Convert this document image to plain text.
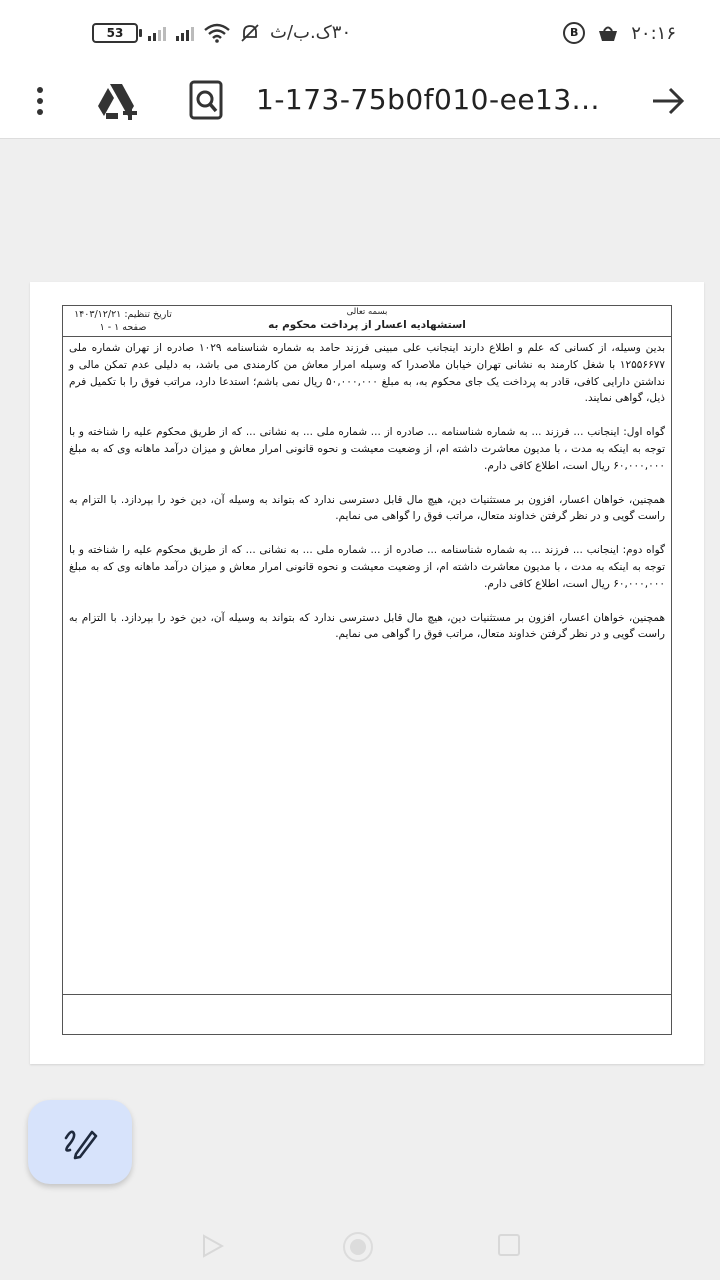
53	۳۰ک.ب/ث	B	۲۰:۱۶
1-173-75b0f010-ee13...
تاریخ تنظیم: ۱۴۰۳/۱۲/۲۱
صفحه ۱ - ۱
بسمه تعالی
استشهادیه اعسار از پرداخت محکوم به

بدین وسیله، از کسانی که علم و اطلاع دارند اینجانب علی مبینی فرزند حامد به شماره شناسنامه ۱۰۲۹ صادره از تهران شماره ملی ۱۲۵۵۶۶۷۷ با شغل کارمند به نشانی تهران خیابان ملاصدرا که وسیله امرار معاش من کارمندی می باشد، به دلیلی عدم تمکن مالی و نداشتن دارایی کافی، قادر به پرداخت یک جای محکوم به، به مبلغ ۵۰,۰۰۰,۰۰۰ ریال نمی باشم؛ استدعا دارد، مراتب فوق را با تکمیل فرم ذیل، گواهی نمایند.

گواه اول: اینجانب ... فرزند ... به شماره شناسنامه ... صادره از ... شماره ملی ... به نشانی ... که از طریق محکوم علیه را شناخته و با توجه به اینکه به مدت ، با مدیون معاشرت داشته ام، از وضعیت معیشت و نحوه قانونی امرار معاش و میزان درآمد ماهانه وی که به مبلغ ۶۰,۰۰۰,۰۰۰ ریال است، اطلاع کافی دارم.

همچنین، خواهان اعسار، افزون بر مستثنیات دین، هیچ مال قابل دسترسی ندارد که بتواند به وسیله آن، دین خود را بپردازد. با التزام به راست گویی و در نظر گرفتن خداوند متعال، مراتب فوق را گواهی می نمایم.

گواه دوم: اینجانب ... فرزند ... به شماره شناسنامه ... صادره از ... شماره ملی ... به نشانی ... که از طریق محکوم علیه را شناخته و با توجه به اینکه به مدت ، با مدیون معاشرت داشته ام، از وضعیت معیشت و نحوه قانونی امرار معاش و میزان درآمد ماهانه وی که به مبلغ ۶۰,۰۰۰,۰۰۰ ریال است، اطلاع کافی دارم.

همچنین، خواهان اعسار، افزون بر مستثنیات دین، هیچ مال قابل دسترسی ندارد که بتواند به وسیله آن، دین خود را بپردازد. با التزام به راست گویی و در نظر گرفتن خداوند متعال، مراتب فوق را گواهی می نمایم.
